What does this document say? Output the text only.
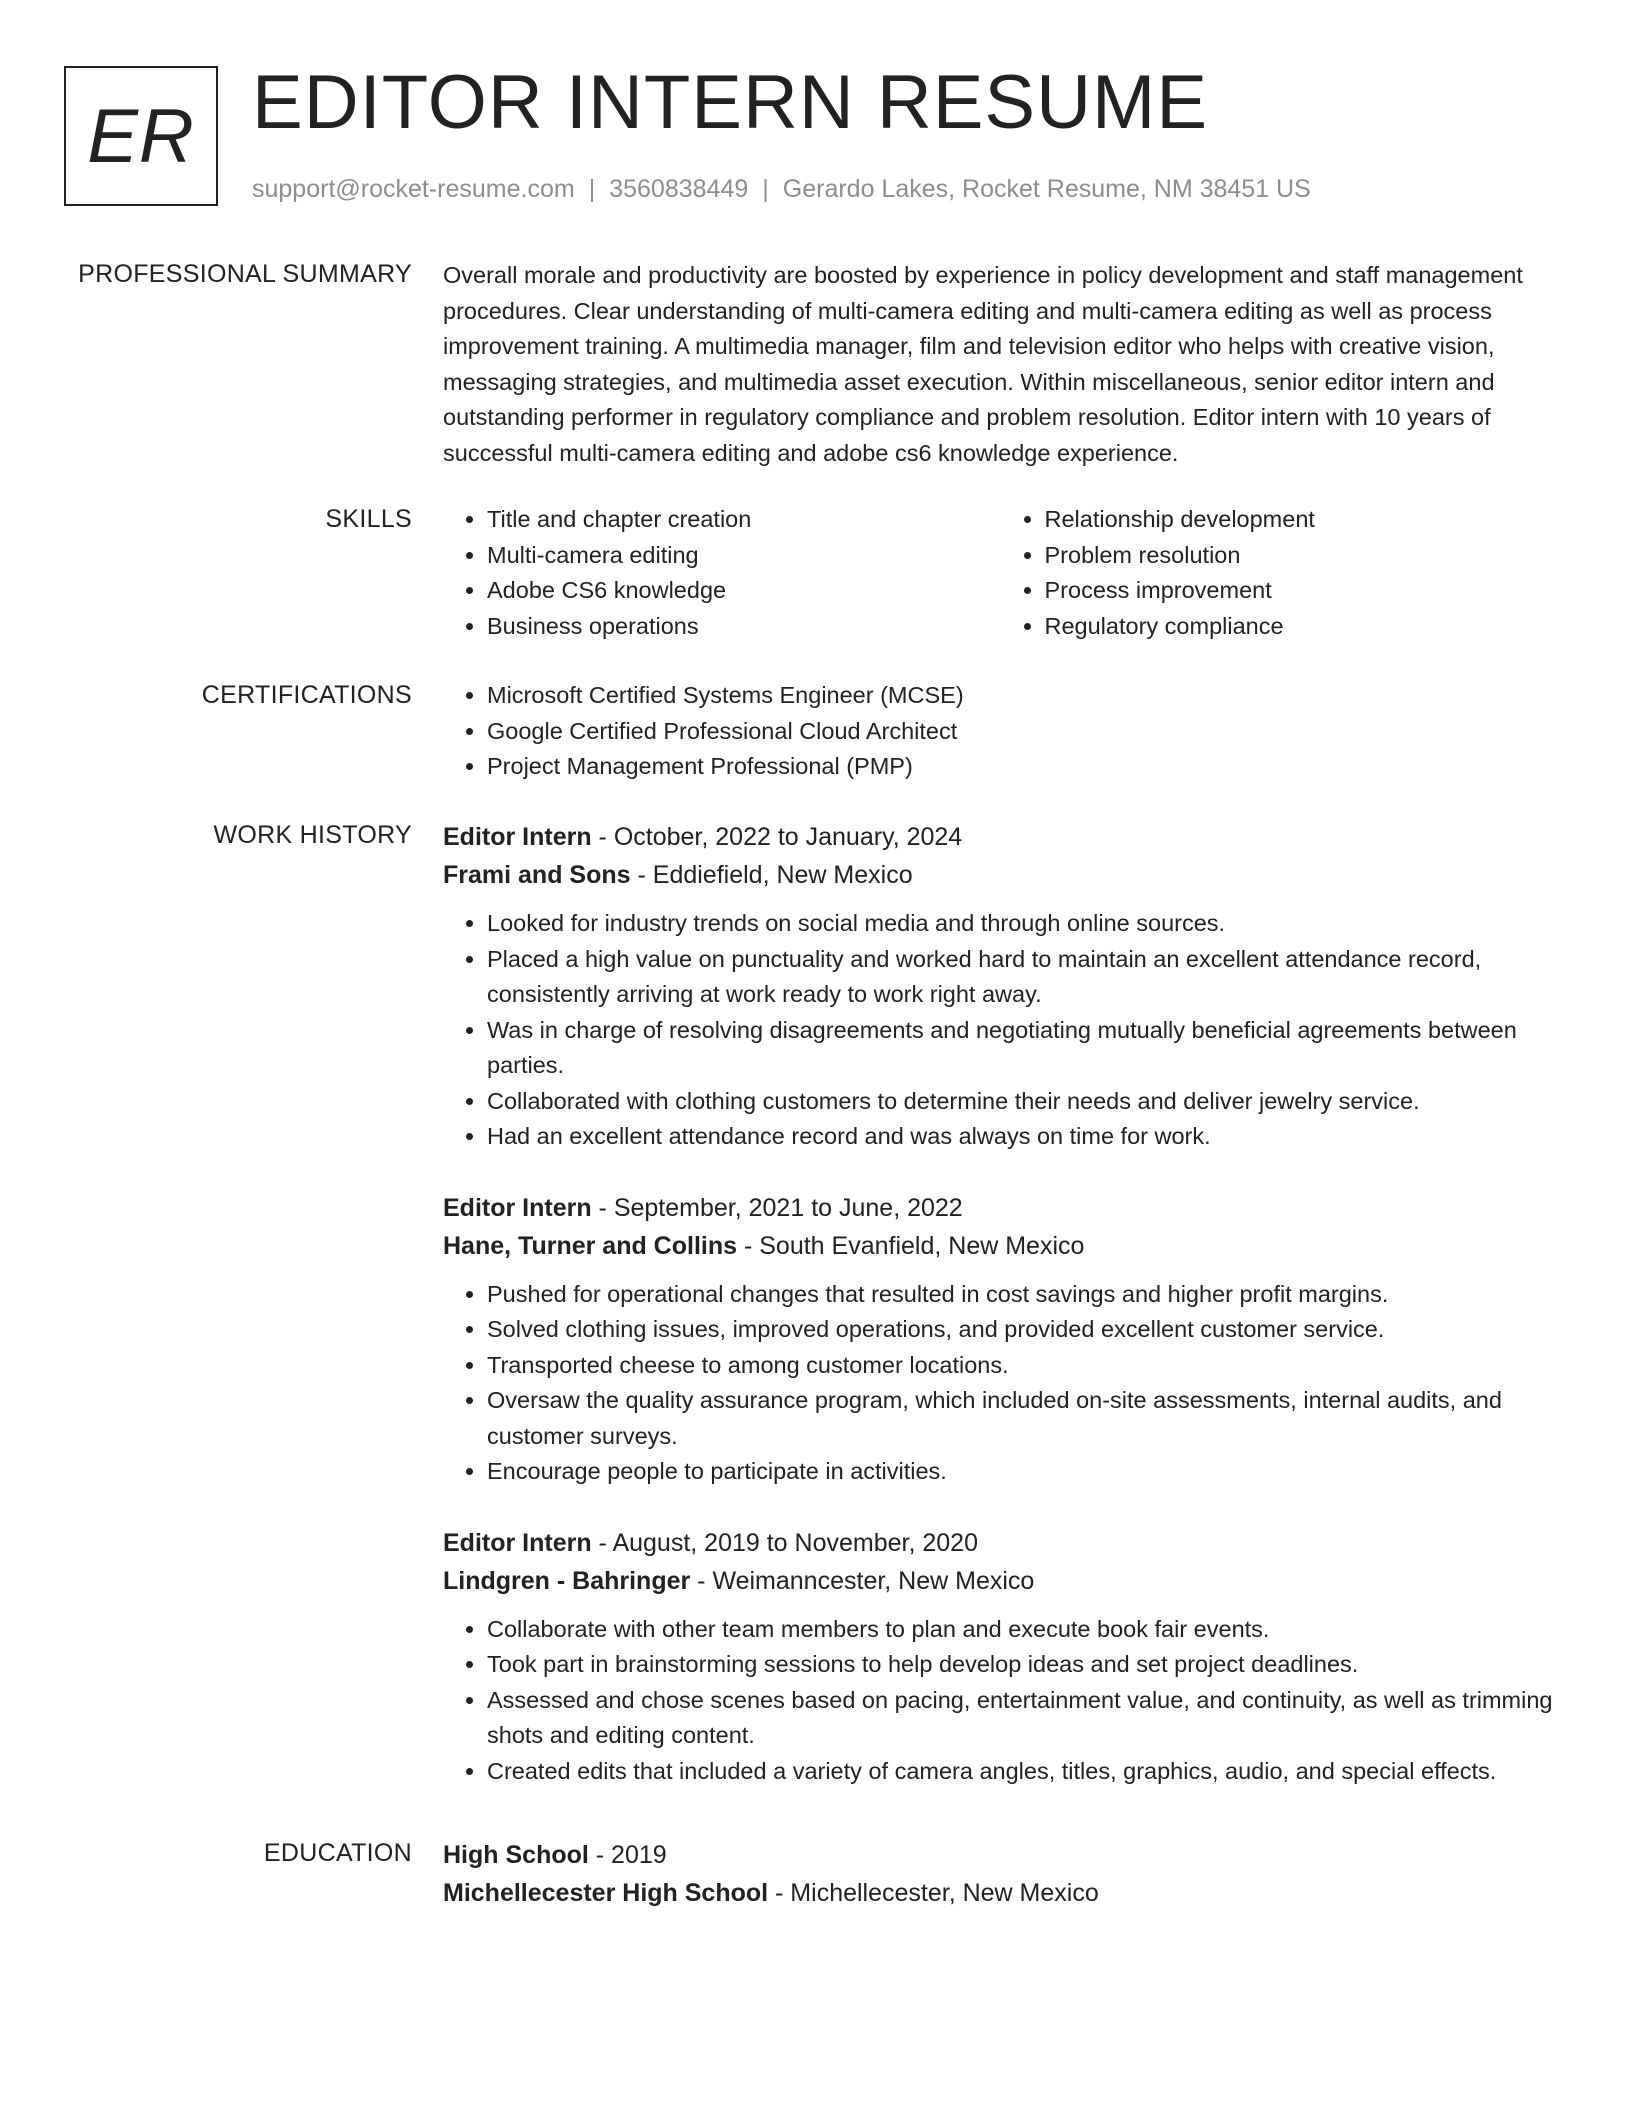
ER EDITOR INTERN RESUME
support@rocket-resume.com | 3560838449 | Gerardo Lakes, Rocket Resume, NM 38451 US
PROFESSIONAL SUMMARY Overall morale and productivity are boosted by experience in policy development and staff management procedures. Clear understanding of multi-camera editing and multi-camera editing as well as process improvement training. A multimedia manager, film and television editor who helps with creative vision, messaging strategies, and multimedia asset execution. Within miscellaneous, senior editor intern and outstanding performer in regulatory compliance and problem resolution. Editor intern with 10 years of successful multi-camera editing and adobe cs6 knowledge experience.

SKILLS	• Title and chapter creation
• Multi-camera editing
• Adobe CS6 knowledge
• Business operations
• Relationship development
• Problem resolution
• Process improvement
• Regulatory compliance
CERTIFICATIONS	• Microsoft Certified Systems Engineer (MCSE)
• Google Certified Professional Cloud Architect
• Project Management Professional (PMP)
WORK HISTORY Editor Intern - October, 2022 to January, 2024
Frami and Sons - Eddiefield, New Mexico
• Looked for industry trends on social media and through online sources.
• Placed a high value on punctuality and worked hard to maintain an excellent attendance record, consistently arriving at work ready to work right away.
• Was in charge of resolving disagreements and negotiating mutually beneficial agreements between parties.
• Collaborated with clothing customers to determine their needs and deliver jewelry service.
• Had an excellent attendance record and was always on time for work.
Editor Intern - September, 2021 to June, 2022
Hane, Turner and Collins - South Evanfield, New Mexico
• Pushed for operational changes that resulted in cost savings and higher profit margins.
• Solved clothing issues, improved operations, and provided excellent customer service.
• Transported cheese to among customer locations.
• Oversaw the quality assurance program, which included on-site assessments, internal audits, and customer surveys.
• Encourage people to participate in activities.
Editor Intern - August, 2019 to November, 2020
Lindgren - Bahringer - Weimanncester, New Mexico
• Collaborate with other team members to plan and execute book fair events.
• Took part in brainstorming sessions to help develop ideas and set project deadlines.
• Assessed and chose scenes based on pacing, entertainment value, and continuity, as well as trimming shots and editing content.
• Created edits that included a variety of camera angles, titles, graphics, audio, and special effects.
EDUCATION High School - 2019
Michellecester High School - Michellecester, New Mexico
